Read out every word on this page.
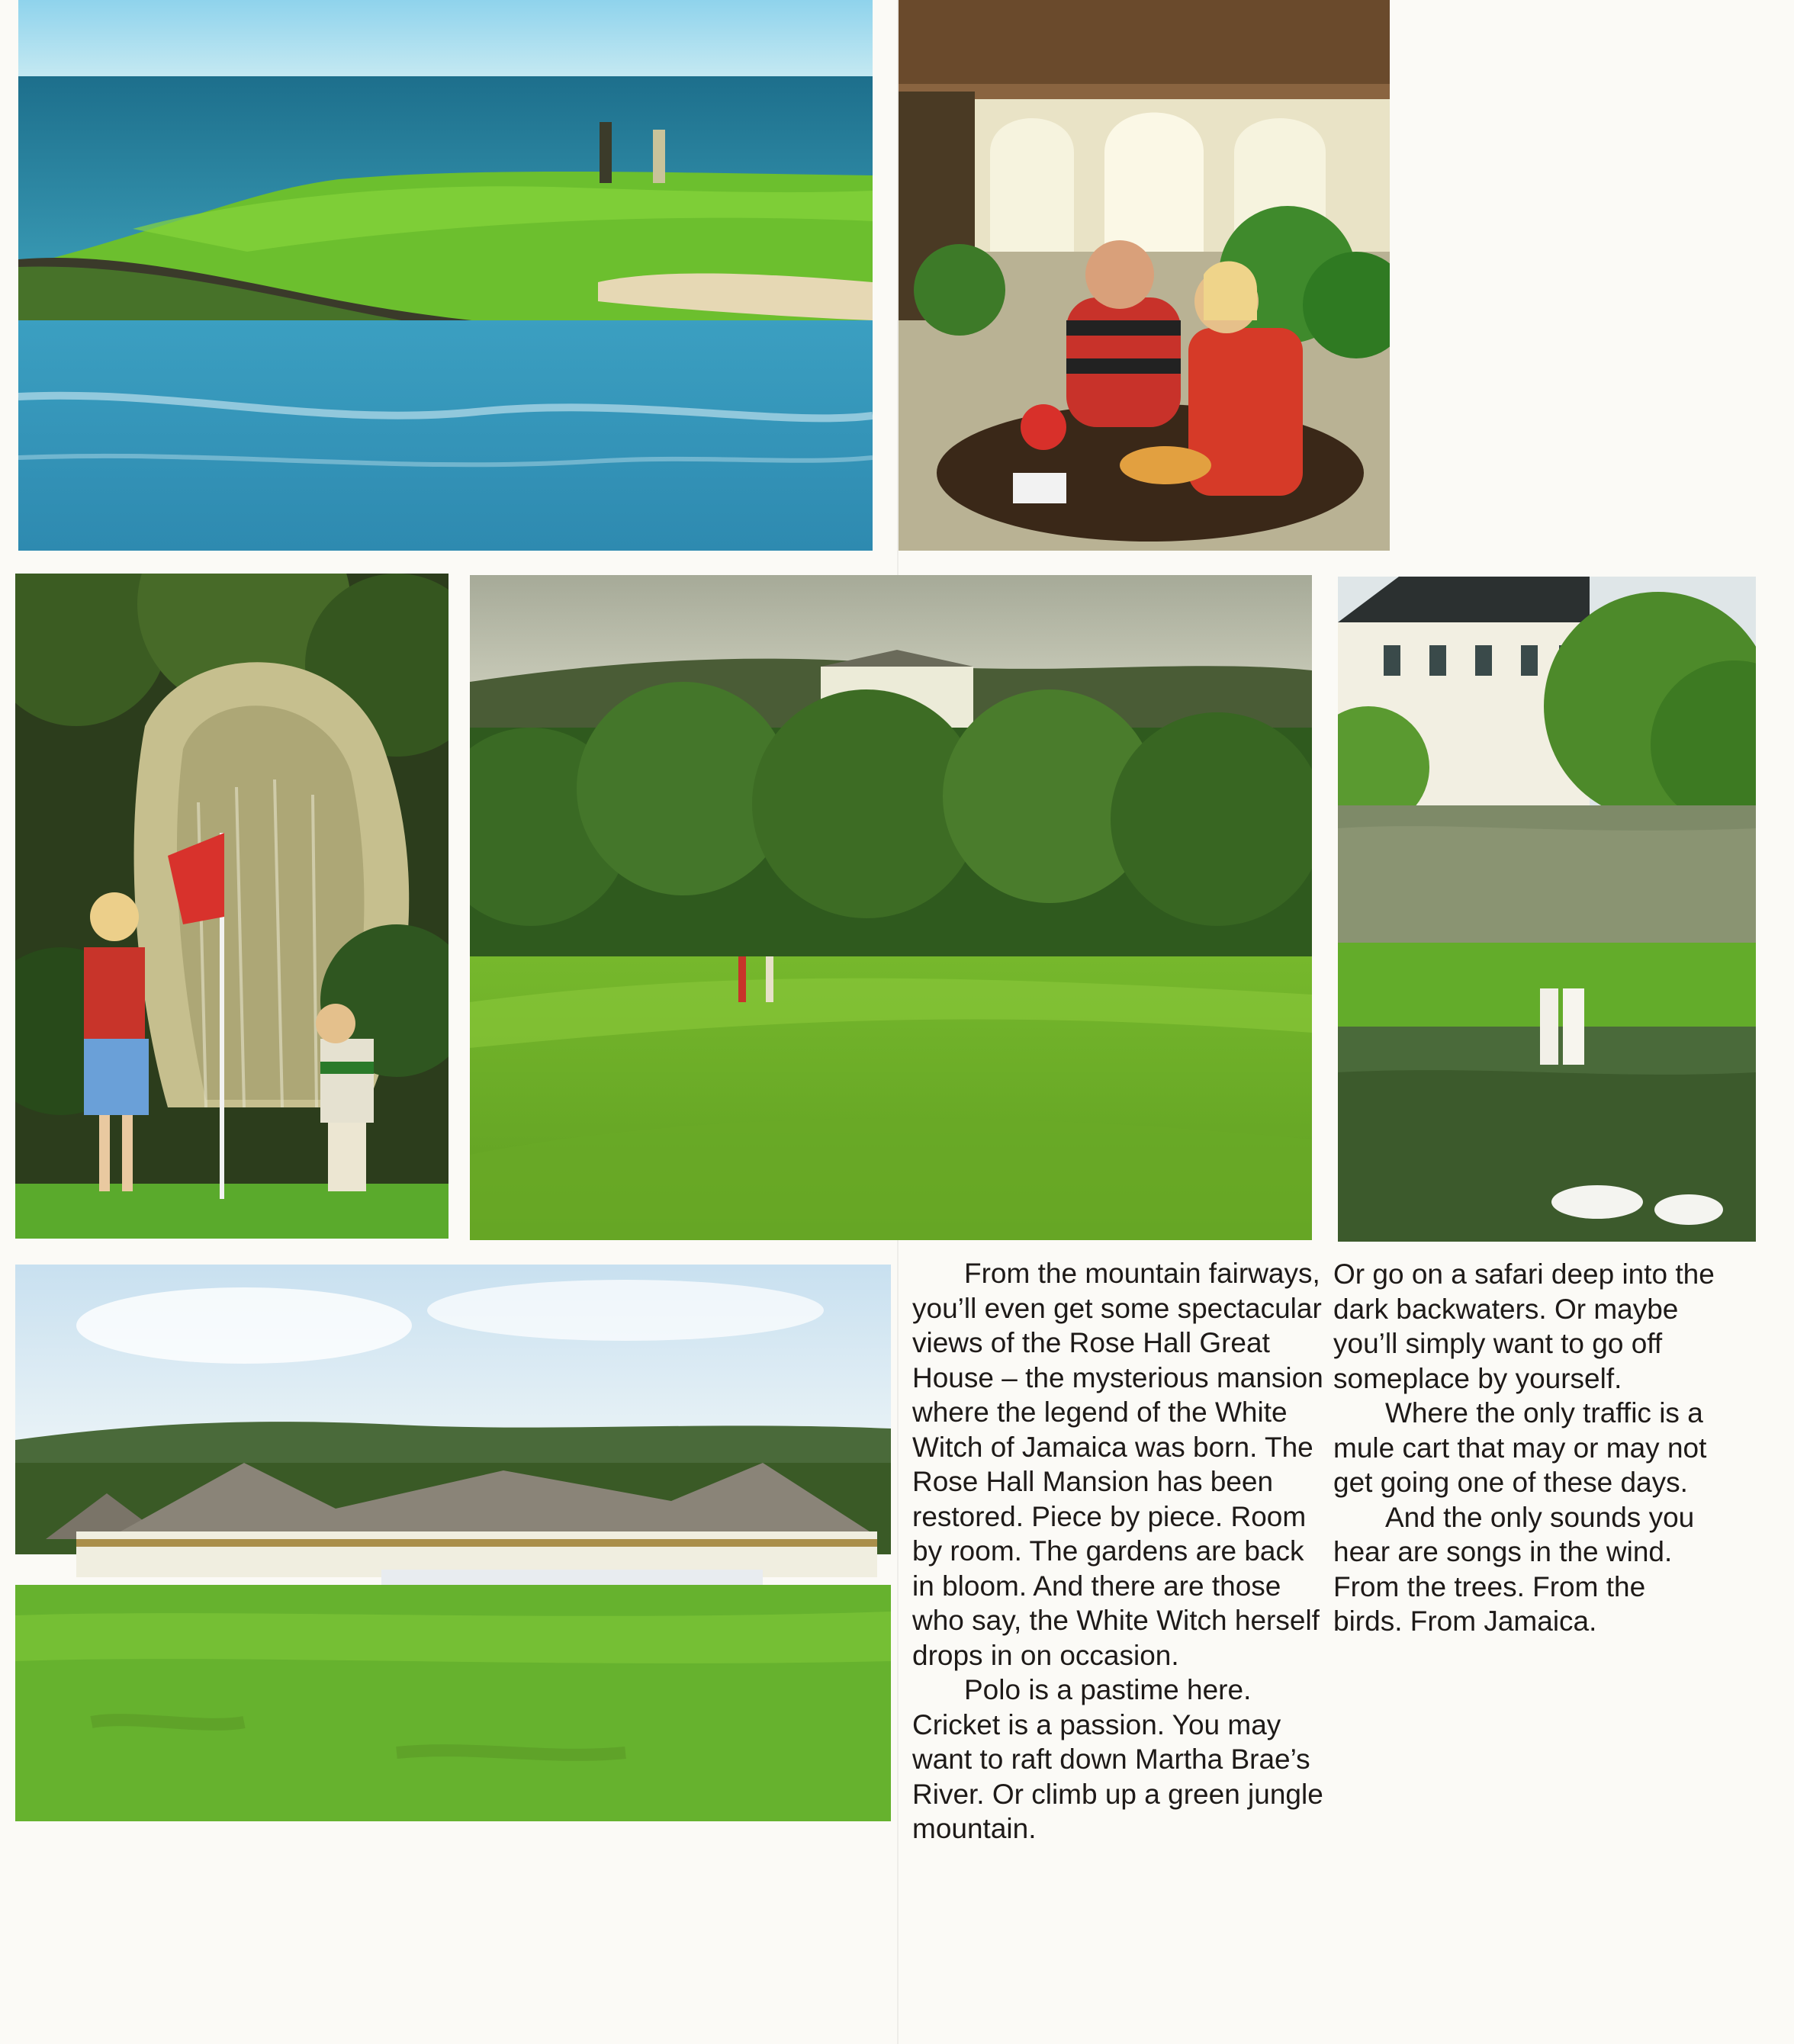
From the mountain fairways, you’ll even get some spectacular views of the Rose Hall Great House – the mysterious mansion where the legend of the White Witch of Jamaica was born. The Rose Hall Mansion has been restored. Piece by piece. Room by room. The gardens are back in bloom. And there are those who say, the White Witch herself drops in on occasion.

Polo is a pastime here. Cricket is a passion. You may want to raft down Martha Brae’s River. Or climb up a green jungle mountain.

Or go on a safari deep into the dark backwaters. Or maybe you’ll simply want to go off someplace by yourself.

Where the only traffic is a mule cart that may or may not get going one of these days.

And the only sounds you hear are songs in the wind. From the trees. From the birds. From Jamaica.
